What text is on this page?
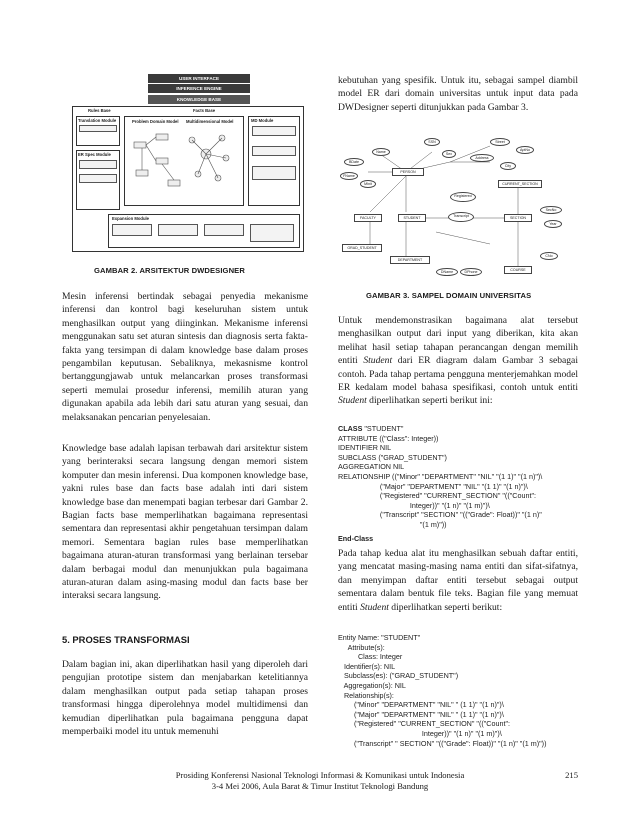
USER INTERFACE
INFERENCE ENGINE
KNOWLEDGE BASE
Rules Base	Facts Base
Translation Module
ER Spec Module
Problem Domain Model Multidimensional Model	MD Module
Expansion Module
GAMBAR 2. ARSITEKTUR DWDESIGNER
SSN
Name	Sex
Address
Street
AptNo
City
BDate
FName
MInit
PERSON
STUDENT
FACULTY	SECTION
CURRENT_SECTION
COURSE
GRAD_STUDENT
DEPARTMENT
Transcript
Registered
SecNo
Year
CNo
DName	DPhone
GAMBAR 3. SAMPEL DOMAIN UNIVERSITAS
Mesin inferensi bertindak sebagai penyedia mekanisme inferensi dan kontrol bagi keseluruhan sistem untuk menghasilkan output yang diinginkan. Mekanisme inferensi menggunakan satu set aturan sintesis dan diagnosis serta fakta-fakta yang tersimpan di dalam knowledge base dalam proses pengambilan keputusan. Sebaliknya, mekasnisme kontrol bertanggungjawab untuk melancarkan proses transformasi seperti memulai prosedur inferensi, memilih aturan yang digunakan apabila ada lebih dari satu aturan yang sesuai, dan melaksanakan pencarian penyelesaian.
Knowledge base adalah lapisan terbawah dari arsitektur sistem yang berinteraksi secara langsung dengan memori sistem komputer dan mesin inferensi. Dua komponen knowledge base, yakni rules base dan facts base adalah inti dari sistem knowledge base dan menempati bagian terbesar dari Gambar 2. Bagian facts base memperlihatkan bagaimana representasi sementara dan representasi akhir pengetahuan tersimpan dalam memori. Sementara bagian rules base memperlihatkan bagaimana aturan-aturan transformasi yang berlainan tersebar dalam berbagai modul dan menunjukkan pula bagaimana aturan-aturan dalam asing-masing modul dan facts base ber interaksi secara langsung.
5. PROSES TRANSFORMASI
Dalam bagian ini, akan diperlihatkan hasil yang diperoleh dari pengujian prototipe sistem dan menjabarkan ketelitiannya dalam menghasilkan output pada setiap tahapan proses transformasi hingga diperolehnya model multidimensi dan kemudian diperlihatkan pula bagaimana pengguna dapat memperbaiki model itu untuk memenuhi
kebutuhan yang spesifik. Untuk itu, sebagai sampel diambil model ER dari domain universitas untuk input data pada DWDesigner seperti ditunjukkan pada Gambar 3.
Untuk mendemonstrasikan bagaimana alat tersebut menghasilkan output dari input yang diberikan, kita akan melihat hasil setiap tahapan perancangan dengan memilih entiti Student dari ER diagram dalam Gambar 3 sebagai contoh. Pada tahap pertama pengguna menterjemahkan model ER kedalam model bahasa spesifikasi, contoh untuk entiti Student diperlihatkan seperti berikut ini:
CLASS "STUDENT"
ATTRIBUTE (("Class": Integer))
IDENTIFIER NIL
SUBCLASS ("GRAD_STUDENT")
AGGREGATION NIL
RELATIONSHIP (("Minor" "DEPARTMENT" "NIL" "(1 1)" "(1 n)")\
("Major" "DEPARTMENT" "NIL" "(1 1)" "(1 n)")\
("Registered" "CURRENT_SECTION" "(("Count":
Integer))" "(1 n)" "(1 m)")\
("Transcript" "SECTION" "(("Grade": Float))" "(1 n)"
"(1 m)"))
End-Class
Pada tahap kedua alat itu menghasilkan sebuah daftar entiti, yang mencatat masing-masing nama entiti dan sifat-sifatnya, dan menyimpan daftar entiti tersebut sebagai output sementara dalam bentuk file teks. Bagian file yang memuat entiti Student diperlihatkan seperti berikut:
Entity Name: "STUDENT"
Attribute(s):
Class: Integer
Identifier(s): NIL
Subclass(es): ("GRAD_STUDENT")
Aggregation(s): NIL
Relationship(s):
("Minor" "DEPARTMENT" "NIL" " (1 1)" "(1 n)")\
("Major" "DEPARTMENT" "NIL" " (1 1)" "(1 n)")\
("Registered" "CURRENT_SECTION" "(("Count":
Integer))" "(1 n)" "(1 m)")\
("Transcript" " SECTION" "(("Grade": Float))" "(1 n)" "(1 m)"))
Prosiding Konferensi Nasional Teknologi Informasi & Komunikasi untuk Indonesia
3-4 Mei 2006, Aula Barat & Timur Institut Teknologi Bandung
215
